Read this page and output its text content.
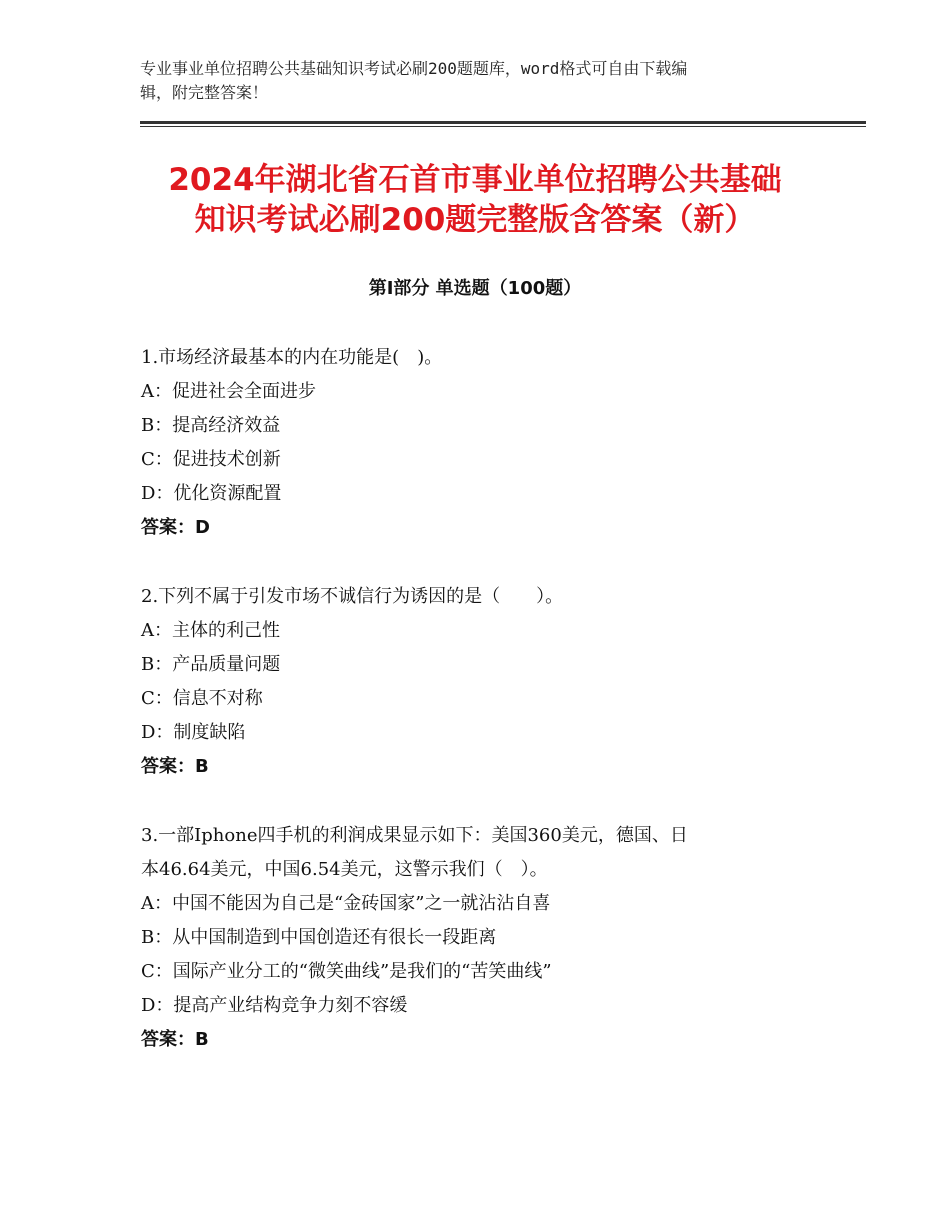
专业事业单位招聘公共基础知识考试必刷200题题库，word格式可自由下载编
辑，附完整答案！
2024年湖北省石首市事业单位招聘公共基础
知识考试必刷200题完整版含答案（新）
第Ⅰ部分 单选题（100题）

1.市场经济最基本的内在功能是(　)。

A：促进社会全面进步

B：提高经济效益

C：促进技术创新

D：优化资源配置

答案：D

2.下列不属于引发市场不诚信行为诱因的是（　　）。

A：主体的利己性

B：产品质量问题

C：信息不对称

D：制度缺陷

答案：B

3.一部Iphone四手机的利润成果显示如下：美国360美元，德国、日

本46.64美元，中国6.54美元，这警示我们（　）。

A：中国不能因为自己是“金砖国家”之一就沾沾自喜

B：从中国制造到中国创造还有很长一段距离

C：国际产业分工的“微笑曲线”是我们的“苦笑曲线”

D：提高产业结构竞争力刻不容缓

答案：B
